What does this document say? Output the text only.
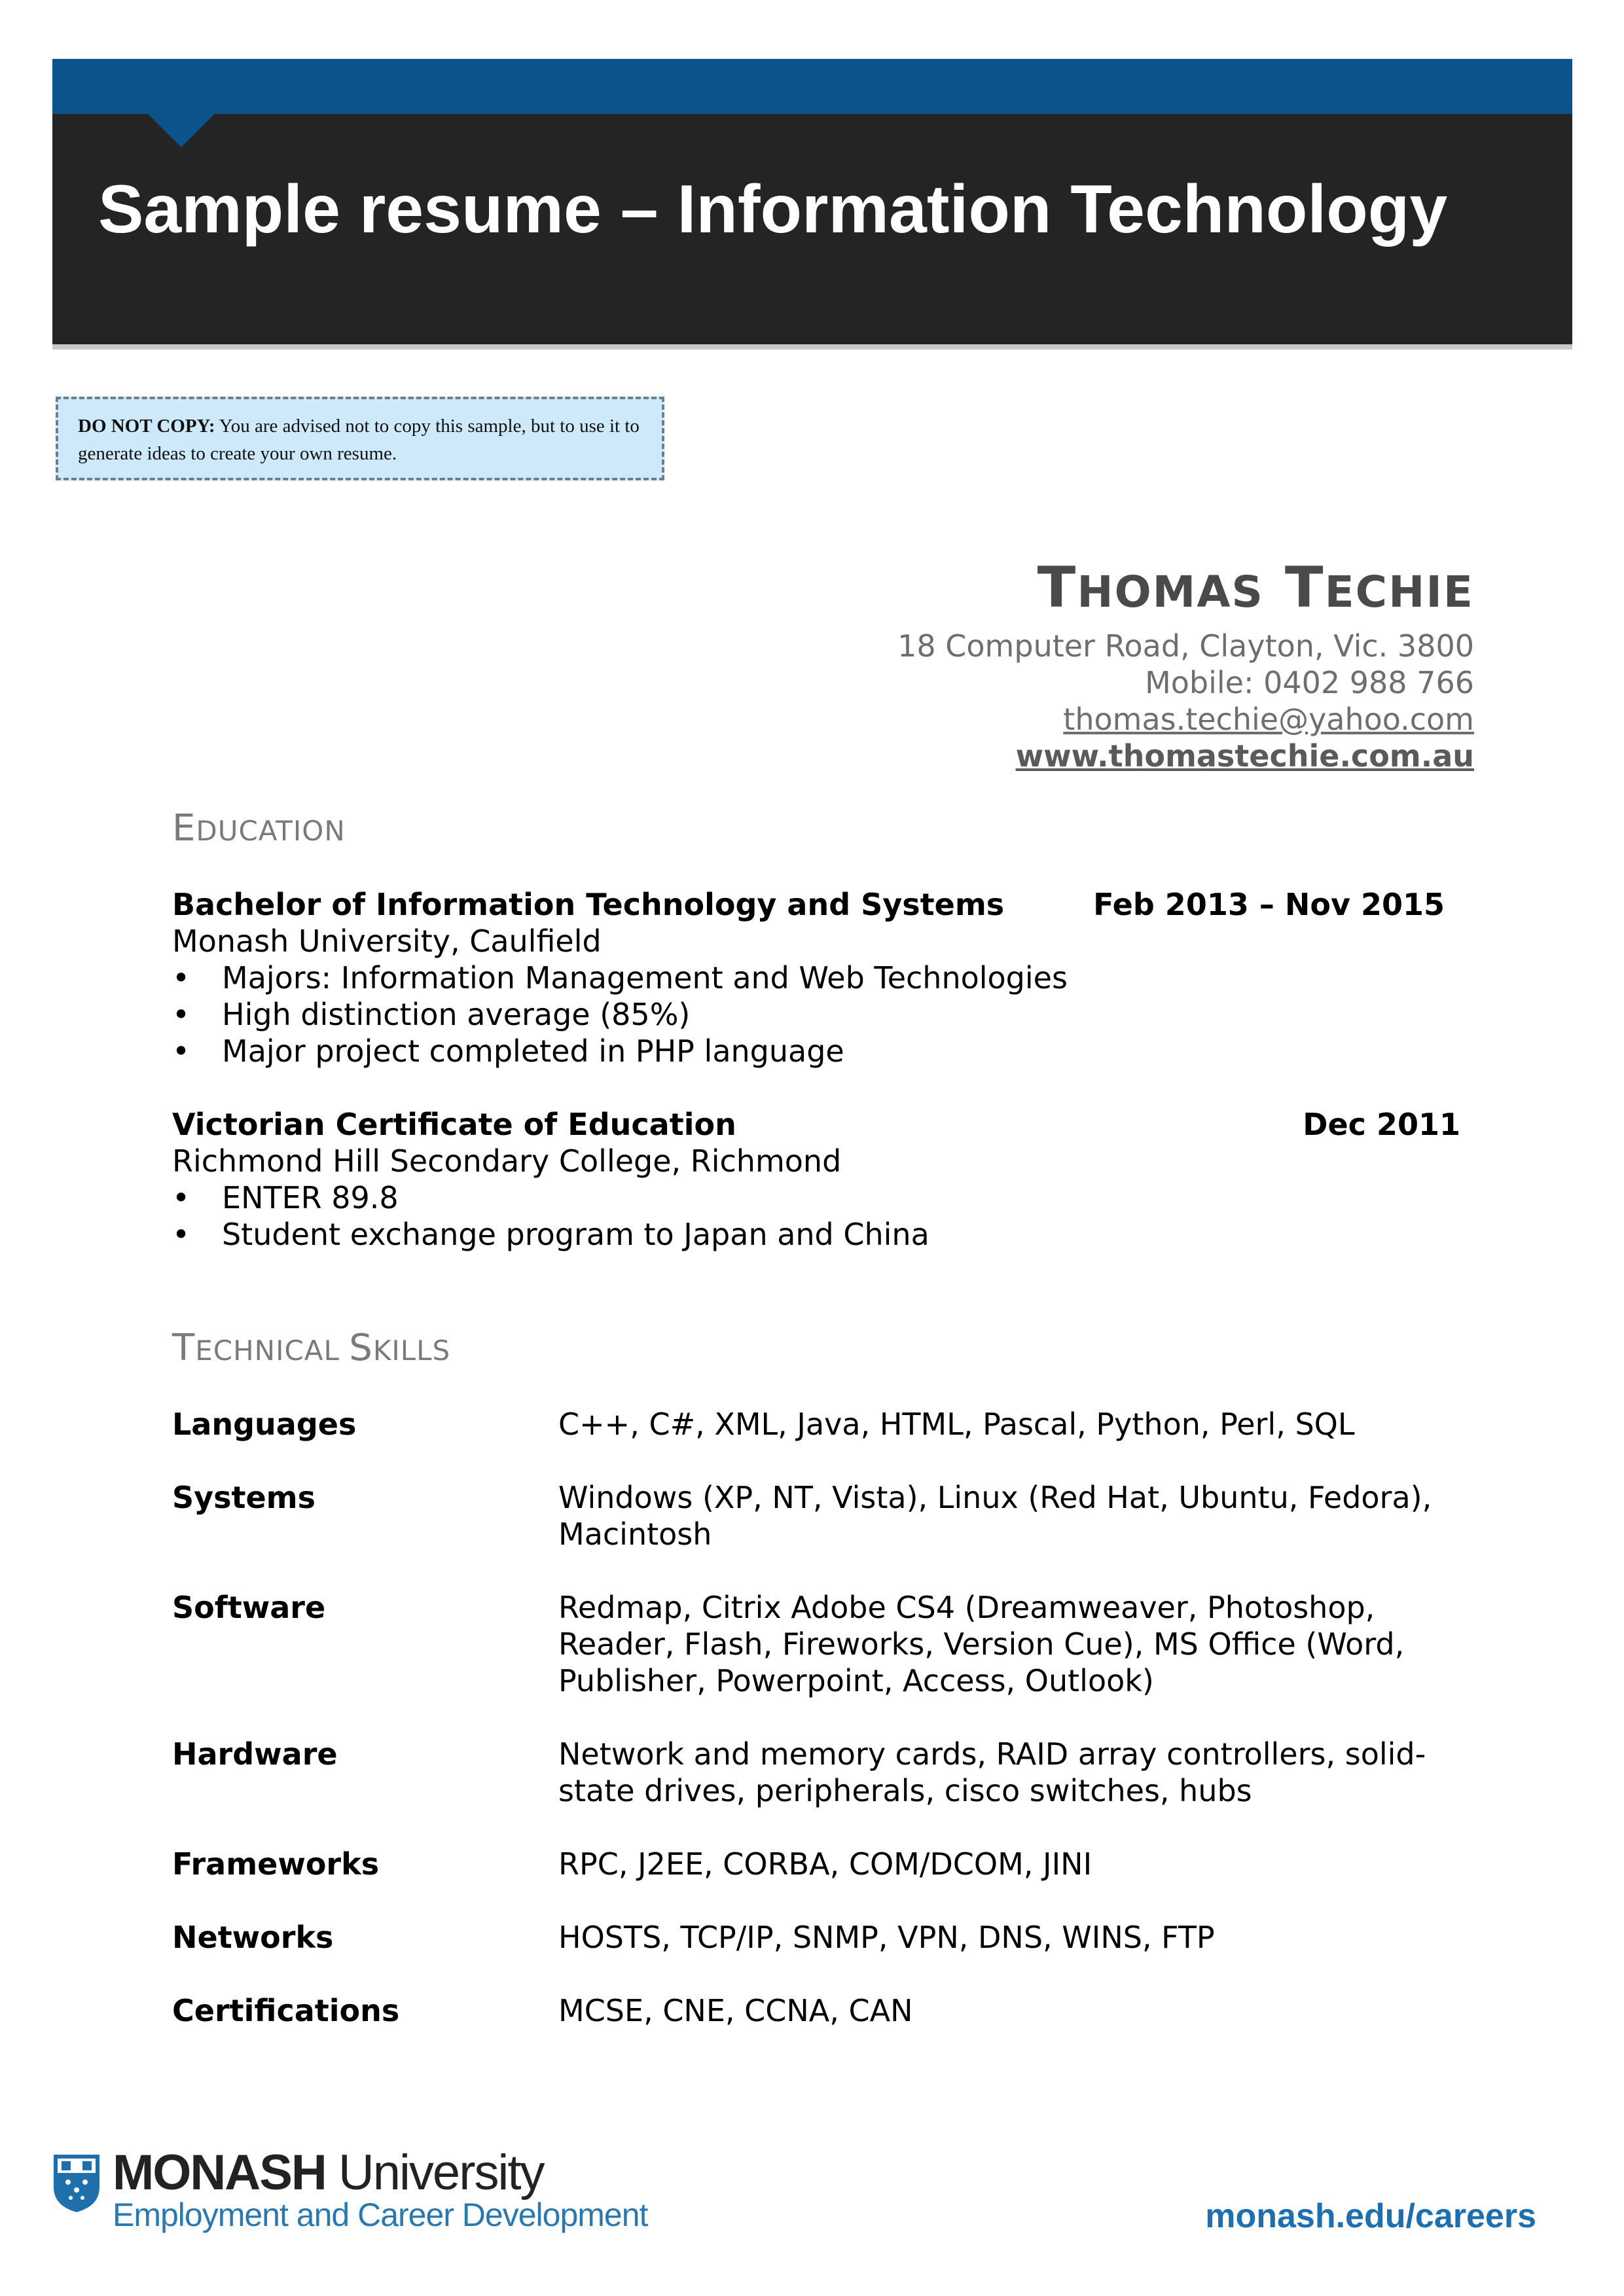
Sample resume – Information Technology
DO NOT COPY: You are advised not to copy this sample, but to use it to generate ideas to create your own resume.
THOMAS TECHIE
18 Computer Road, Clayton, Vic. 3800
Mobile: 0402 988 766
thomas.techie@yahoo.com
www.thomastechie.com.au
EDUCATION
Bachelor of Information Technology and Systems	Feb 2013 – Nov 2015
Monash University, Caulfield
• Majors: Information Management and Web Technologies
• High distinction average (85%)
• Major project completed in PHP language
Victorian Certificate of Education	Dec 2011
Richmond Hill Secondary College, Richmond
• ENTER 89.8
• Student exchange program to Japan and China
TECHNICAL SKILLS
Languages	C++, C#, XML, Java, HTML, Pascal, Python, Perl, SQL
Systems	Windows (XP, NT, Vista), Linux (Red Hat, Ubuntu, Fedora), Macintosh
Software	Redmap, Citrix Adobe CS4 (Dreamweaver, Photoshop, Reader, Flash, Fireworks, Version Cue), MS Office (Word, Publisher, Powerpoint, Access, Outlook)
Hardware	Network and memory cards, RAID array controllers, solid-state drives, peripherals, cisco switches, hubs
Frameworks	RPC, J2EE, CORBA, COM/DCOM, JINI
Networks	HOSTS, TCP/IP, SNMP, VPN, DNS, WINS, FTP
Certifications	MCSE, CNE, CCNA, CAN
MONASH University
Employment and Career Development	monash.edu/careers
